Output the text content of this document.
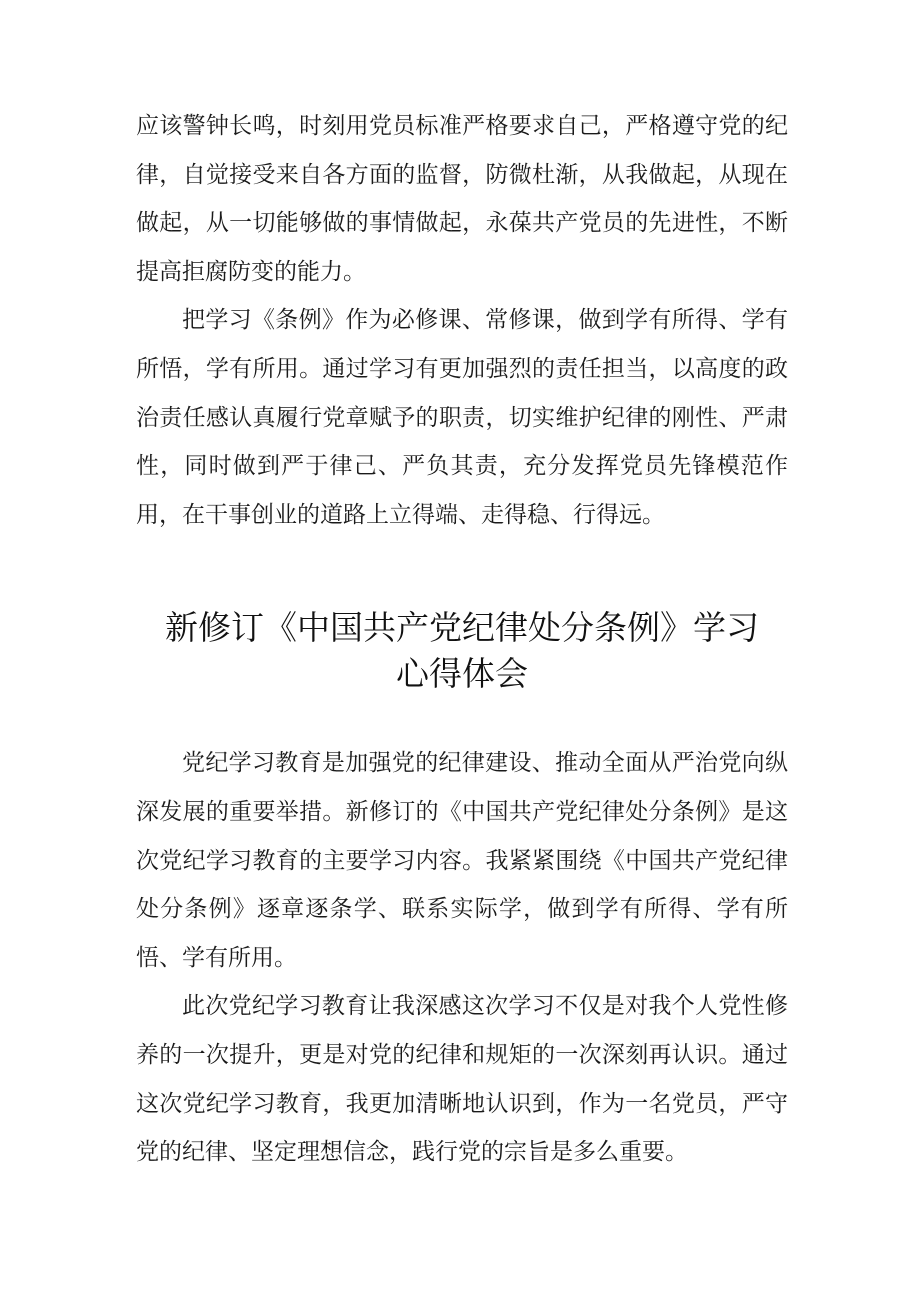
应该警钟长鸣，时刻用党员标准严格要求自己，严格遵守党的纪律，自觉接受来自各方面的监督，防微杜渐，从我做起，从现在做起，从一切能够做的事情做起，永葆共产党员的先进性，不断提高拒腐防变的能力。

把学习《条例》作为必修课、常修课，做到学有所得、学有所悟，学有所用。通过学习有更加强烈的责任担当，以高度的政治责任感认真履行党章赋予的职责，切实维护纪律的刚性、严肃性，同时做到严于律己、严负其责，充分发挥党员先锋模范作用，在干事创业的道路上立得端、走得稳、行得远。

新修订《中国共产党纪律处分条例》学习
心得体会

党纪学习教育是加强党的纪律建设、推动全面从严治党向纵深发展的重要举措。新修订的《中国共产党纪律处分条例》是这次党纪学习教育的主要学习内容。我紧紧围绕《中国共产党纪律处分条例》逐章逐条学、联系实际学，做到学有所得、学有所悟、学有所用。

此次党纪学习教育让我深感这次学习不仅是对我个人党性修养的一次提升，更是对党的纪律和规矩的一次深刻再认识。通过这次党纪学习教育，我更加清晰地认识到，作为一名党员，严守党的纪律、坚定理想信念，践行党的宗旨是多么重要。
